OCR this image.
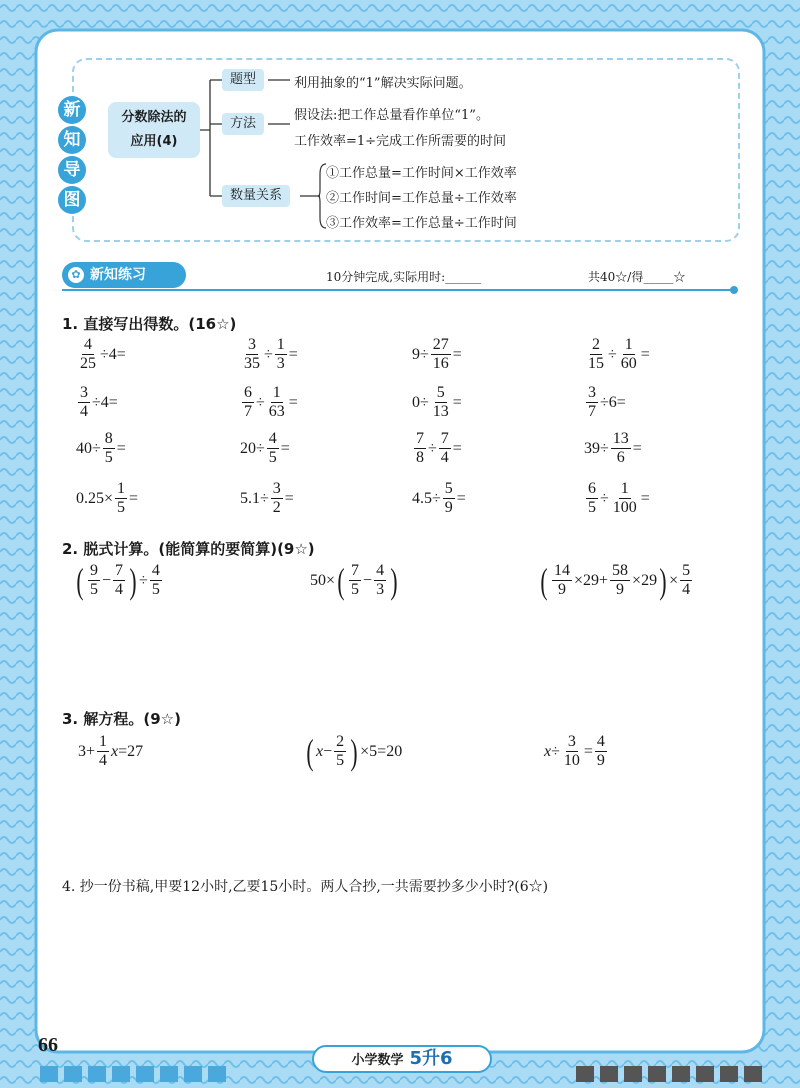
新
知
导
图
分数除法的
应用(4)
题型	利用抽象的“1”解决实际问题。
方法
假设法:把工作总量看作单位“1”。
工作效率=1÷完成工作所需要的时间
数量关系
①工作总量=工作时间×工作效率
②工作时间=工作总量÷工作效率
③工作效率=工作总量÷工作时间
✿ 新知练习	10分钟完成,实际用时:______	共40☆/得_____☆
1. 直接写出得数。(16☆)
$\frac{4}{25} \div 4=$	$\frac{3}{35} \div \frac{1}{3}$ =	$9\div \frac{27}{16}$ =	$\frac{2}{15} \div \frac{1}{60}$ =
$\frac{3}{4} \div 4=$	$\frac{6}{7} \div \frac{1}{63}$ =	$0\div \frac{5}{13}$ =	$\frac{3}{7} \div 6=$
$40\div \frac{8}{5}$ =	$20\div \frac{4}{5}$ =	$\frac{7}{8} \div \frac{7}{4}$ =	$39\div \frac{13}{6}$ =
$0.25\times \frac{1}{5}$ =	$5.1\div \frac{3}{2}$ =	$4.5\div \frac{5}{9}$ =	$\frac{6}{5} \div \frac{1}{100}$ =
2. 脱式计算。(能简算的要简算)(9☆)
( $\frac{9}{5} - \frac{7}{4}$ ) ÷ $\frac{4}{5}$	50× ( $\frac{7}{5} - \frac{4}{3}$ )	( $\frac{14}{9} \times 29+ \frac{58}{9} \times 29$ ) × $\frac{5}{4}$
3. 解方程。(9☆)
$3+ \frac{1}{4}$ x =27	( $x - \frac{2}{5}$ ) ×5=20	$x \div \frac{3}{10} = \frac{4}{9}$
4. 抄一份书稿,甲要12小时,乙要15小时。两人合抄,一共需要抄多少小时?(6☆)
66
小学数学 5升6
